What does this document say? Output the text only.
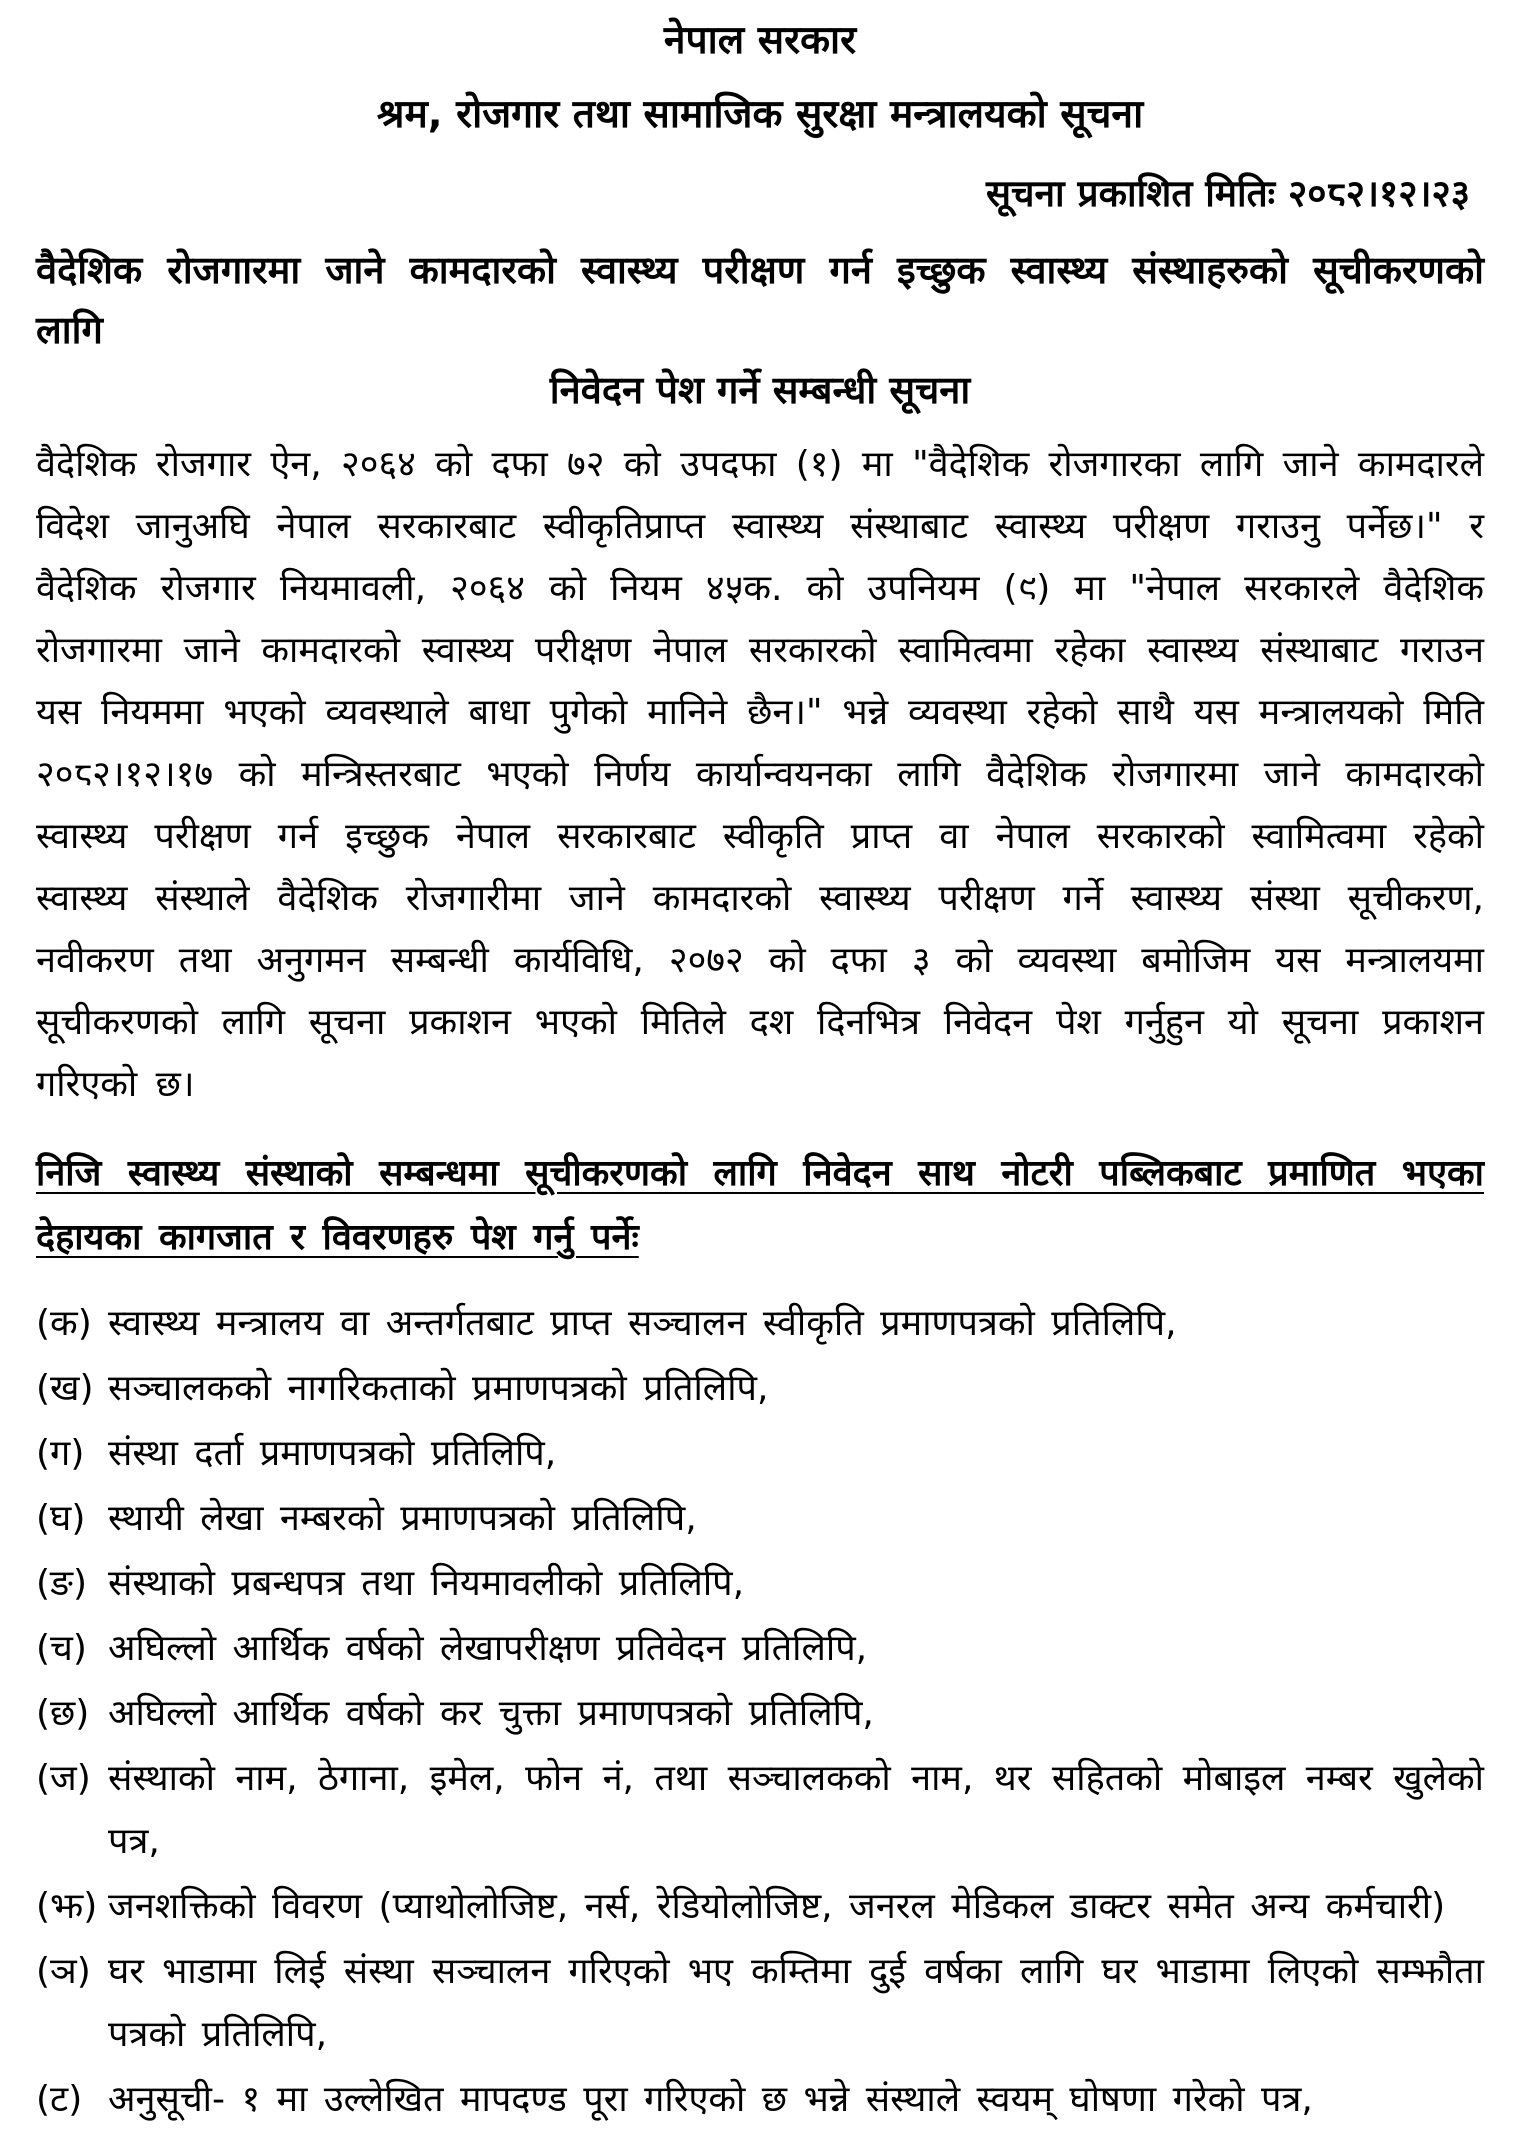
नेपाल सरकार
श्रम, रोजगार तथा सामाजिक सुरक्षा मन्त्रालयको सूचना
सूचना प्रकाशित मितिः २०८२।१२।२३
वैदेशिक रोजगारमा जाने कामदारको स्वास्थ्य परीक्षण गर्न इच्छुक स्वास्थ्य संस्थाहरुको सूचीकरणको लागि
निवेदन पेश गर्ने सम्बन्धी सूचना
वैदेशिक रोजगार ऐन, २०६४ को दफा ७२ को उपदफा (१) मा "वैदेशिक रोजगारका लागि जाने कामदारले विदेश जानुअघि नेपाल सरकारबाट स्वीकृतिप्राप्त स्वास्थ्य संस्थाबाट स्वास्थ्य परीक्षण गराउनु पर्नेछ।" र वैदेशिक रोजगार नियमावली, २०६४ को नियम ४५क. को उपनियम (९) मा "नेपाल सरकारले वैदेशिक रोजगारमा जाने कामदारको स्वास्थ्य परीक्षण नेपाल सरकारको स्वामित्वमा रहेका स्वास्थ्य संस्थाबाट गराउन यस नियममा भएको व्यवस्थाले बाधा पुगेको मानिने छैन।" भन्ने व्यवस्था रहेको साथै यस मन्त्रालयको मिति २०८२।१२।१७ को मन्त्रिस्तरबाट भएको निर्णय कार्यान्वयनका लागि वैदेशिक रोजगारमा जाने कामदारको स्वास्थ्य परीक्षण गर्न इच्छुक नेपाल सरकारबाट स्वीकृति प्राप्त वा नेपाल सरकारको स्वामित्वमा रहेको स्वास्थ्य संस्थाले वैदेशिक रोजगारीमा जाने कामदारको स्वास्थ्य परीक्षण गर्ने स्वास्थ्य संस्था सूचीकरण, नवीकरण तथा अनुगमन सम्बन्धी कार्यविधि, २०७२ को दफा ३ को व्यवस्था बमोजिम यस मन्त्रालयमा सूचीकरणको लागि सूचना प्रकाशन भएको मितिले दश दिनभित्र निवेदन पेश गर्नुहुन यो सूचना प्रकाशन गरिएको छ।
निजि स्वास्थ्य संस्थाको सम्बन्धमा सूचीकरणको लागि निवेदन साथ नोटरी पब्लिकबाट प्रमाणित भएका देहायका कागजात र विवरणहरु पेश गर्नु पर्नेः
(क) स्वास्थ्य मन्त्रालय वा अन्तर्गतबाट प्राप्त सञ्चालन स्वीकृति प्रमाणपत्रको प्रतिलिपि,
(ख) सञ्चालकको नागरिकताको प्रमाणपत्रको प्रतिलिपि,
(ग) संस्था दर्ता प्रमाणपत्रको प्रतिलिपि,
(घ) स्थायी लेखा नम्बरको प्रमाणपत्रको प्रतिलिपि,
(ङ) संस्थाको प्रबन्धपत्र तथा नियमावलीको प्रतिलिपि,
(च) अघिल्लो आर्थिक वर्षको लेखापरीक्षण प्रतिवेदन प्रतिलिपि,
(छ) अघिल्लो आर्थिक वर्षको कर चुक्ता प्रमाणपत्रको प्रतिलिपि,
(ज) संस्थाको नाम, ठेगाना, इमेल, फोन नं, तथा सञ्चालकको नाम, थर सहितको मोबाइल नम्बर खुलेको पत्र,
(झ) जनशक्तिको विवरण (प्याथोलोजिष्ट, नर्स, रेडियोलोजिष्ट, जनरल मेडिकल डाक्टर समेत अन्य कर्मचारी)
(ञ) घर भाडामा लिई संस्था सञ्चालन गरिएको भए कम्तिमा दुई वर्षका लागि घर भाडामा लिएको सम्झौता पत्रको प्रतिलिपि,
(ट) अनुसूची- १ मा उल्लेखित मापदण्ड पूरा गरिएको छ भन्ने संस्थाले स्वयम् घोषणा गरेको पत्र,
